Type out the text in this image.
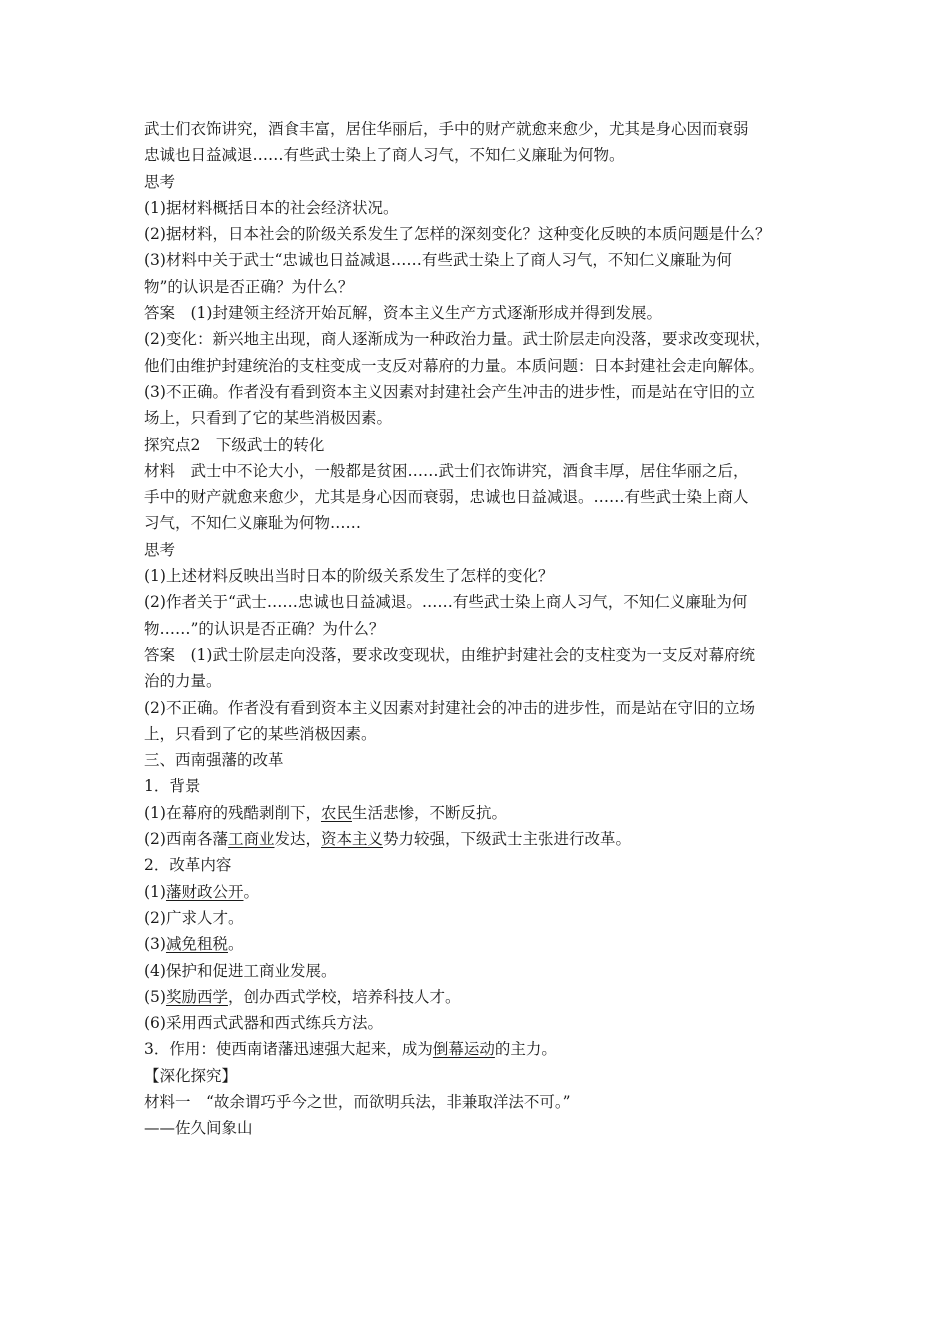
武士们衣饰讲究，酒食丰富，居住华丽后，手中的财产就愈来愈少，尤其是身心因而衰弱
忠诚也日益减退……有些武士染上了商人习气，不知仁义廉耻为何物。
思考
(1)据材料概括日本的社会经济状况。
(2)据材料，日本社会的阶级关系发生了怎样的深刻变化？这种变化反映的本质问题是什么？
(3)材料中关于武士“忠诚也日益减退……有些武士染上了商人习气，不知仁义廉耻为何
物”的认识是否正确？为什么？
答案　(1)封建领主经济开始瓦解，资本主义生产方式逐渐形成并得到发展。
(2)变化：新兴地主出现，商人逐渐成为一种政治力量。武士阶层走向没落，要求改变现状，
他们由维护封建统治的支柱变成一支反对幕府的力量。本质问题：日本封建社会走向解体。
(3)不正确。作者没有看到资本主义因素对封建社会产生冲击的进步性，而是站在守旧的立
场上，只看到了它的某些消极因素。
探究点2　下级武士的转化
材料　武士中不论大小，一般都是贫困……武士们衣饰讲究，酒食丰厚，居住华丽之后，
手中的财产就愈来愈少，尤其是身心因而衰弱，忠诚也日益减退。……有些武士染上商人
习气，不知仁义廉耻为何物……
思考
(1)上述材料反映出当时日本的阶级关系发生了怎样的变化？
(2)作者关于“武士……忠诚也日益减退。……有些武士染上商人习气，不知仁义廉耻为何
物……”的认识是否正确？为什么？
答案　(1)武士阶层走向没落，要求改变现状，由维护封建社会的支柱变为一支反对幕府统
治的力量。
(2)不正确。作者没有看到资本主义因素对封建社会的冲击的进步性，而是站在守旧的立场
上，只看到了它的某些消极因素。
三、西南强藩的改革
1．背景
(1)在幕府的残酷剥削下，农民生活悲惨，不断反抗。
(2)西南各藩工商业发达，资本主义势力较强，下级武士主张进行改革。
2．改革内容
(1)藩财政公开。
(2)广求人才。
(3)减免租税。
(4)保护和促进工商业发展。
(5)奖励西学，创办西式学校，培养科技人才。
(6)采用西式武器和西式练兵方法。
3．作用：使西南诸藩迅速强大起来，成为倒幕运动的主力。
【深化探究】
材料一　“故余谓巧乎今之世，而欲明兵法，非兼取洋法不可。”
——佐久间象山
